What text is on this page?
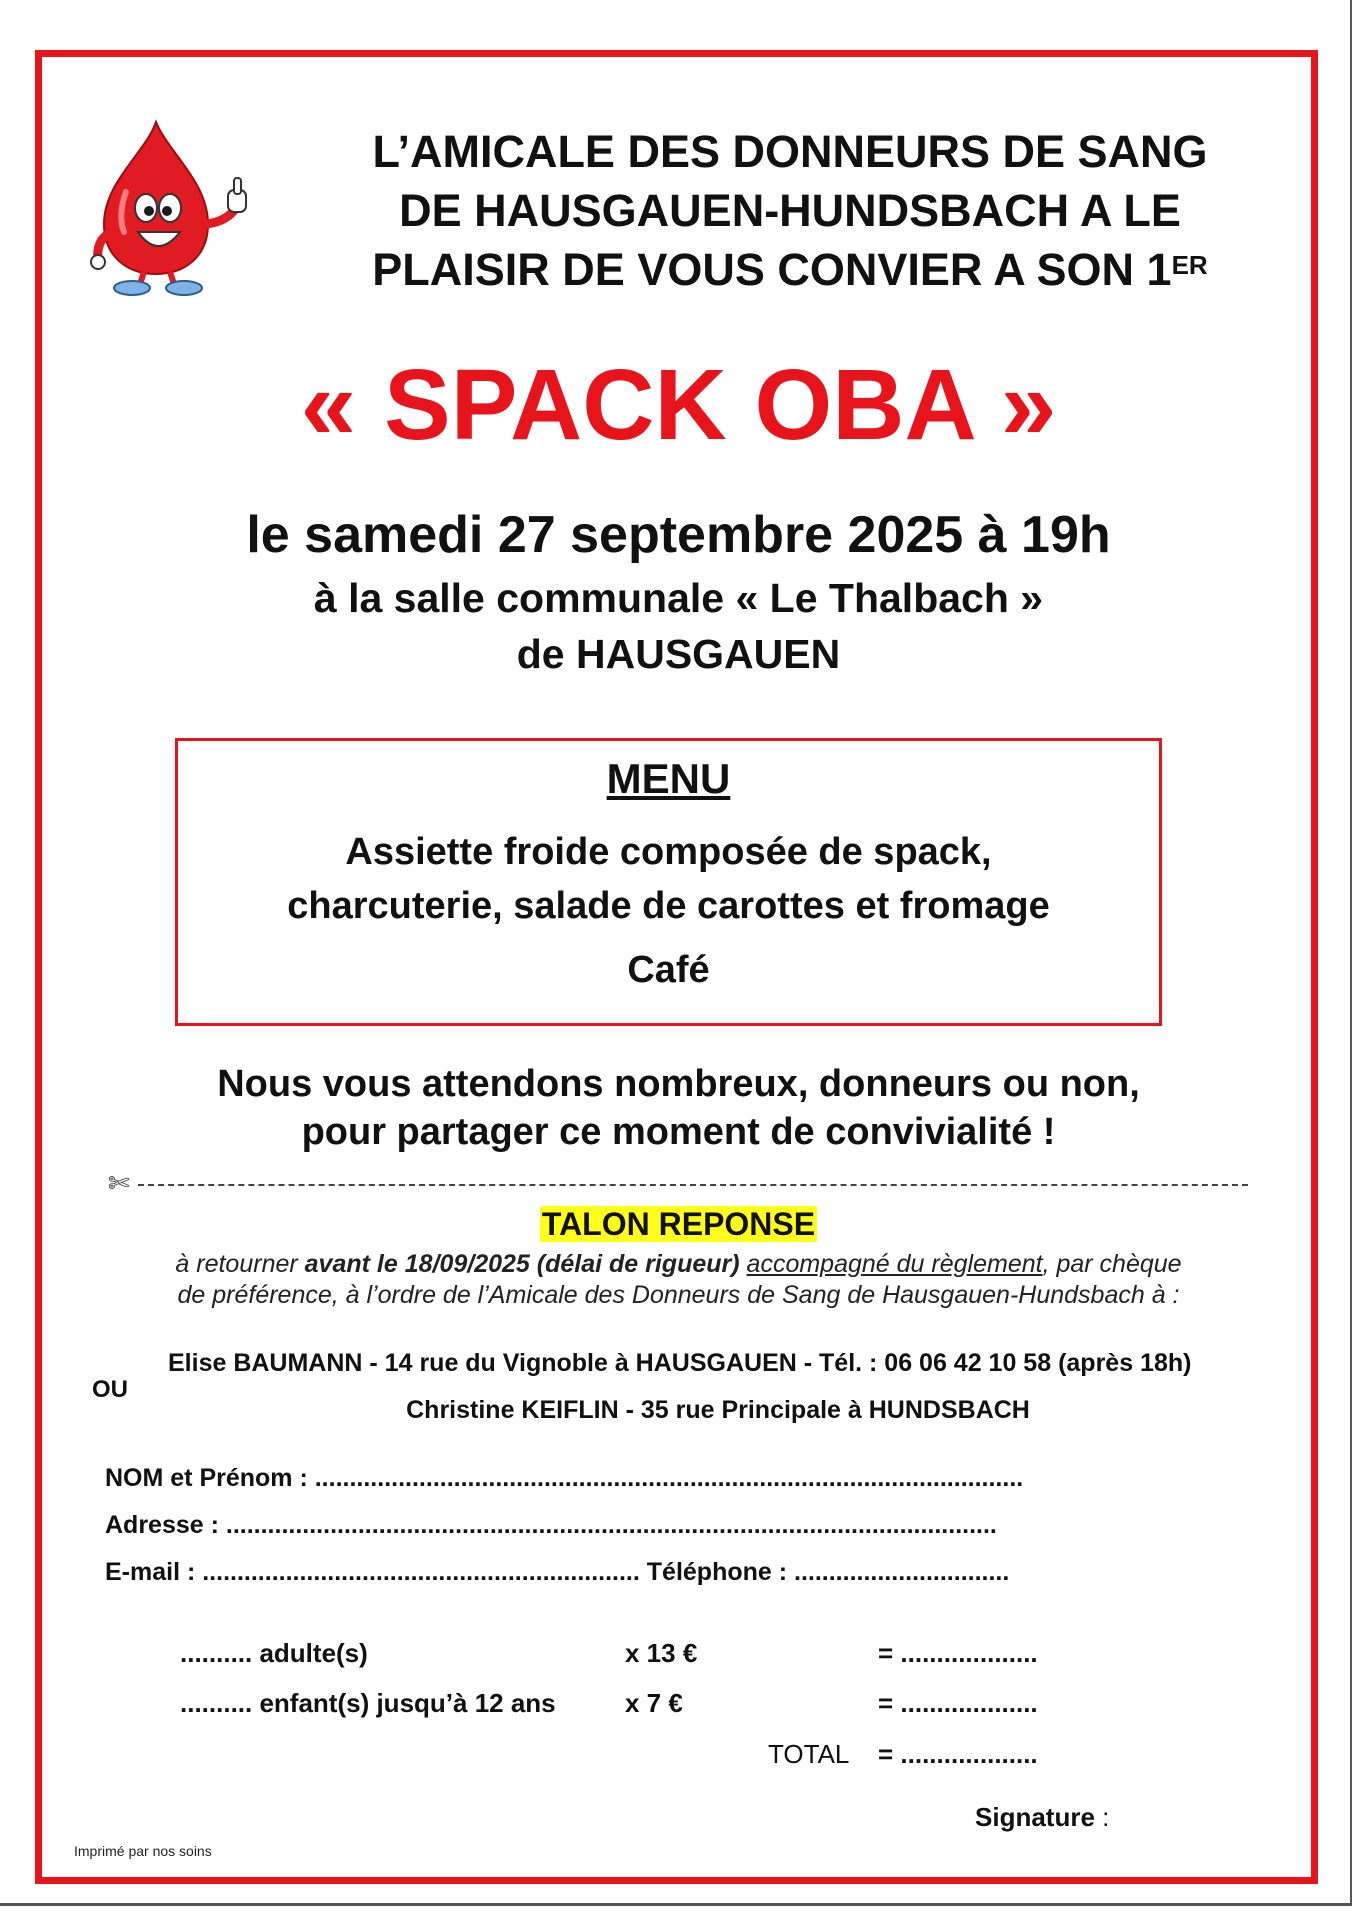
L’AMICALE DES DONNEURS DE SANG
DE HAUSGAUEN-HUNDSBACH A LE
PLAISIR DE VOUS CONVIER A SON 1ER
« SPACK OBA »
le samedi 27 septembre 2025 à 19h
à la salle communale « Le Thalbach »
de HAUSGAUEN
MENU
Assiette froide composée de spack,
charcuterie, salade de carottes et fromage
Café
Nous vous attendons nombreux, donneurs ou non,
pour partager ce moment de convivialité !
✄
TALON REPONSE
à retourner avant le 18/09/2025 (délai de rigueur) accompagné du règlement, par chèque
de préférence, à l’ordre de l’Amicale des Donneurs de Sang de Hausgauen-Hundsbach à :
Elise BAUMANN - 14 rue du Vignoble à HAUSGAUEN - Tél. : 06 06 42 10 58 (après 18h)
OU
Christine KEIFLIN - 35 rue Principale à HUNDSBACH
NOM et Prénom : ......................................................................................................
Adresse : ...............................................................................................................
E-mail : ............................................................... Téléphone : ...............................
.......... adulte(s)	x 13 €	= ...................
.......... enfant(s) jusqu’à 12 ans	x 7 €	= ...................
TOTAL = ...................
Signature :
Imprimé par nos soins
